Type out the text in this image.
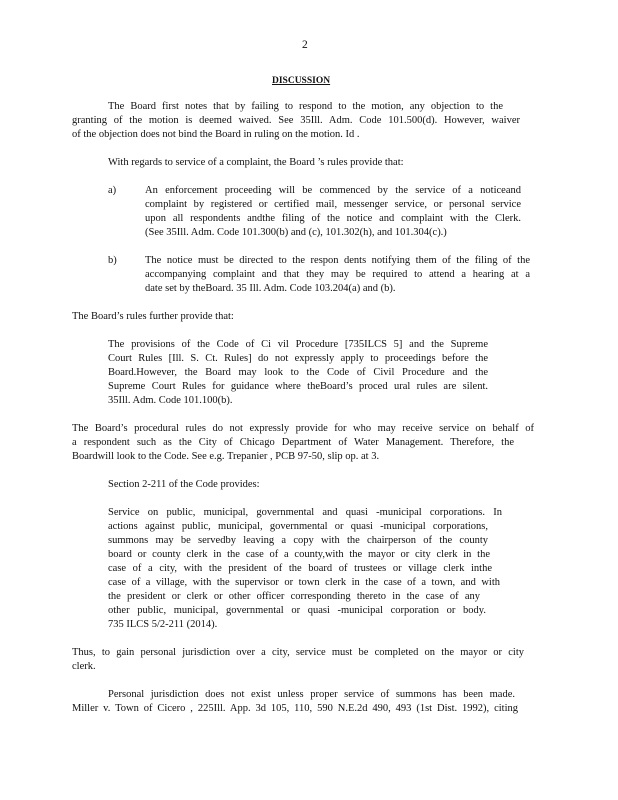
2
DISCUSSION
The Board first notes that by failing to respond to the motion, any objection to the
granting of the motion is deemed waived. See 35Ill. Adm. Code 101.500(d). However, waiver
of the objection does not bind the Board in ruling on the motion. Id .
With regards to service of a complaint, the Board ’s rules provide that:
a)	An enforcement proceeding will be commenced by the service of a noticeand
complaint by registered or certified mail, messenger service, or personal service
upon all respondents andthe filing of the notice and complaint with the Clerk.
(See 35Ill. Adm. Code 101.300(b) and (c), 101.302(h), and 101.304(c).)
b)	The notice must be directed to the respon dents notifying them of the filing of the
accompanying complaint and that they may be required to attend a hearing at a
date set by theBoard. 35 Ill. Adm. Code 103.204(a) and (b).
The Board’s rules further provide that:
The provisions of the Code of Ci vil Procedure [735ILCS 5] and the Supreme
Court Rules [Ill. S. Ct. Rules] do not expressly apply to proceedings before the
Board.However, the Board may look to the Code of Civil Procedure and the
Supreme Court Rules for guidance where theBoard’s proced ural rules are silent.
35Ill. Adm. Code 101.100(b).
The Board’s procedural rules do not expressly provide for who may receive service on behalf of
a respondent such as the City of Chicago Department of Water Management. Therefore, the
Boardwill look to the Code. See e.g. Trepanier , PCB 97-50, slip op. at 3.
Section 2-211 of the Code provides:
Service on public, municipal, governmental and quasi -municipal corporations. In
actions against public, municipal, governmental or quasi -municipal corporations,
summons may be servedby leaving a copy with the chairperson of the county
board or county clerk in the case of a county,with the mayor or city clerk in the
case of a city, with the president of the board of trustees or village clerk inthe
case of a village, with the supervisor or town clerk in the case of a town, and with
the president or clerk or other officer corresponding thereto in the case of any
other public, municipal, governmental or quasi -municipal corporation or body.
735 ILCS 5/2-211 (2014).
Thus, to gain personal jurisdiction over a city, service must be completed on the mayor or city
clerk.
Personal jurisdiction does not exist unless proper service of summons has been made.
Miller v. Town of Cicero , 225Ill. App. 3d 105, 110, 590 N.E.2d 490, 493 (1st Dist. 1992), citing
